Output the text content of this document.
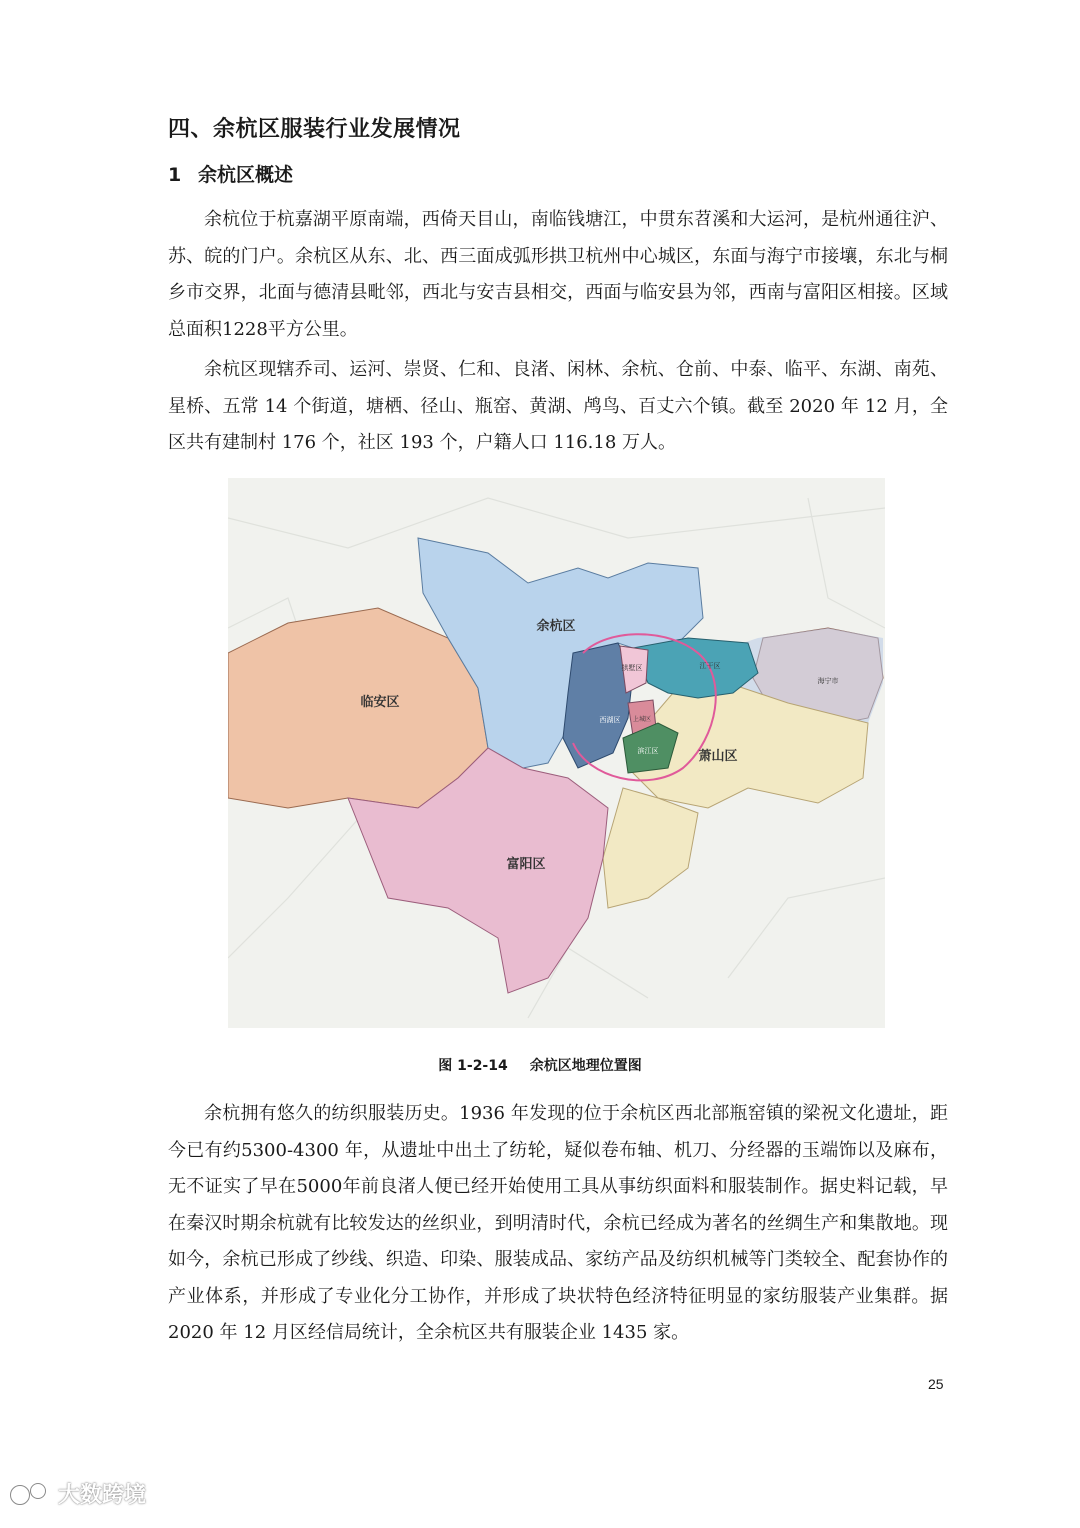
四、余杭区服装行业发展情况
1 余杭区概述

余杭位于杭嘉湖平原南端，西倚天目山，南临钱塘江，中贯东苕溪和大运河，是杭州通往沪、苏、皖的门户。余杭区从东、北、西三面成弧形拱卫杭州中心城区，东面与海宁市接壤，东北与桐乡市交界，北面与德清县毗邻，西北与安吉县相交，西面与临安县为邻，西南与富阳区相接。区域总面积1228平方公里。

余杭区现辖乔司、运河、崇贤、仁和、良渚、闲林、余杭、仓前、中泰、临平、东湖、南苑、星桥、五常 14 个街道，塘栖、径山、瓶窑、黄湖、鸬鸟、百丈六个镇。截至 2020 年 12 月，全区共有建制村 176 个，社区 193 个，户籍人口 116.18 万人。

余杭区
临安区
富阳区
萧山区
拱墅区
西湖区 上城区
滨江区
江干区
海宁市
图 1-2-14 余杭区地理位置图

余杭拥有悠久的纺织服装历史。1936 年发现的位于余杭区西北部瓶窑镇的梁祝文化遗址，距今已有约5300-4300 年，从遗址中出土了纺轮，疑似卷布轴、机刀、分经器的玉端饰以及麻布，无不证实了早在5000年前良渚人便已经开始使用工具从事纺织面料和服装制作。据史料记载，早在秦汉时期余杭就有比较发达的丝织业，到明清时代，余杭已经成为著名的丝绸生产和集散地。现如今，余杭已形成了纱线、织造、印染、服装成品、家纺产品及纺织机械等门类较全、配套协作的产业体系，并形成了专业化分工协作，并形成了块状特色经济特征明显的家纺服装产业集群。据 2020 年 12 月区经信局统计，全余杭区共有服装企业 1435 家。

25
大数跨境
